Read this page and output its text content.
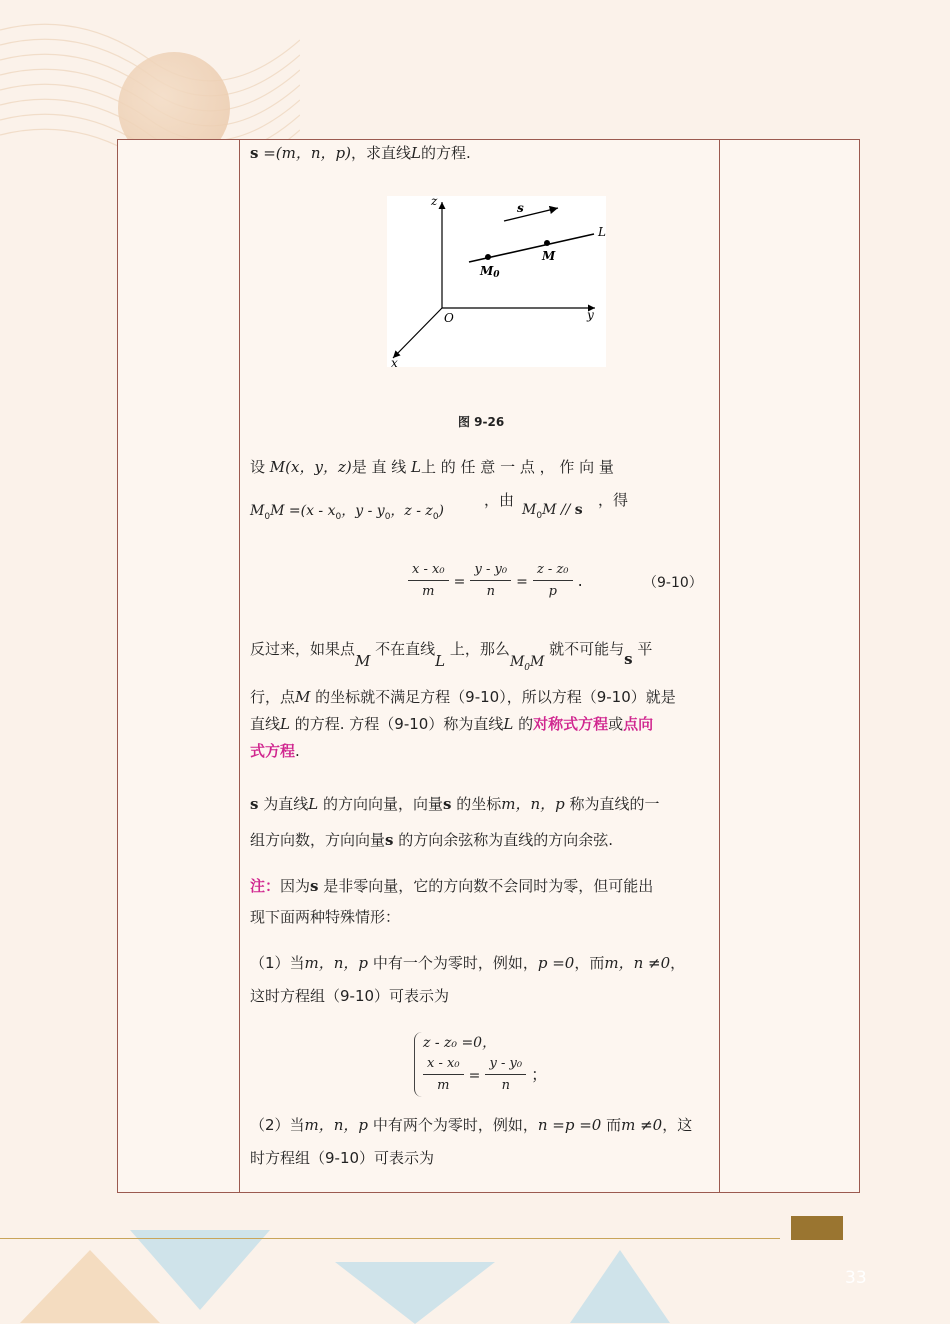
s =(m，n，p)，求直线L的方程.
z
x
y
O
s
L
M
M0
图 9-26
设 M(x，y，z)是 直 线 L上 的 任 意 一 点 ， 作 向 量
$M_0M =(x - x_0$，y - $y_0$，z - $z_0$)
，由
$M_0M$ // s
，得
$\frac{\text{x - x₀}}{m} = \frac{\text{y - y₀}}{n} = \frac{\text{z - z₀}}{p}$ .	（9-10）
反过来，如果点M 不在直线L 上，那么$M_0M$ 就不可能与s 平
行，点M 的坐标就不满足方程（9-10），所以方程（9-10）就是
直线L 的方程. 方程（9-10）称为直线L 的对称式方程或点向
式方程.
s 为直线L 的方向向量，向量s 的坐标m，n，p 称为直线的一
组方向数，方向向量s 的方向余弦称为直线的方向余弦.
注：因为s 是非零向量，它的方向数不会同时为零，但可能出
现下面两种特殊情形：
（1）当m，n，p 中有一个为零时，例如，p =0，而m，n ≠0，
这时方程组（9-10）可表示为
z - z₀ =0，
$\frac{\text{x - x₀}}{m} = \frac{\text{y - y₀}}{n}$ ；
（2）当m，n，p 中有两个为零时，例如，n =p =0 而m ≠0，这
时方程组（9-10）可表示为
33
